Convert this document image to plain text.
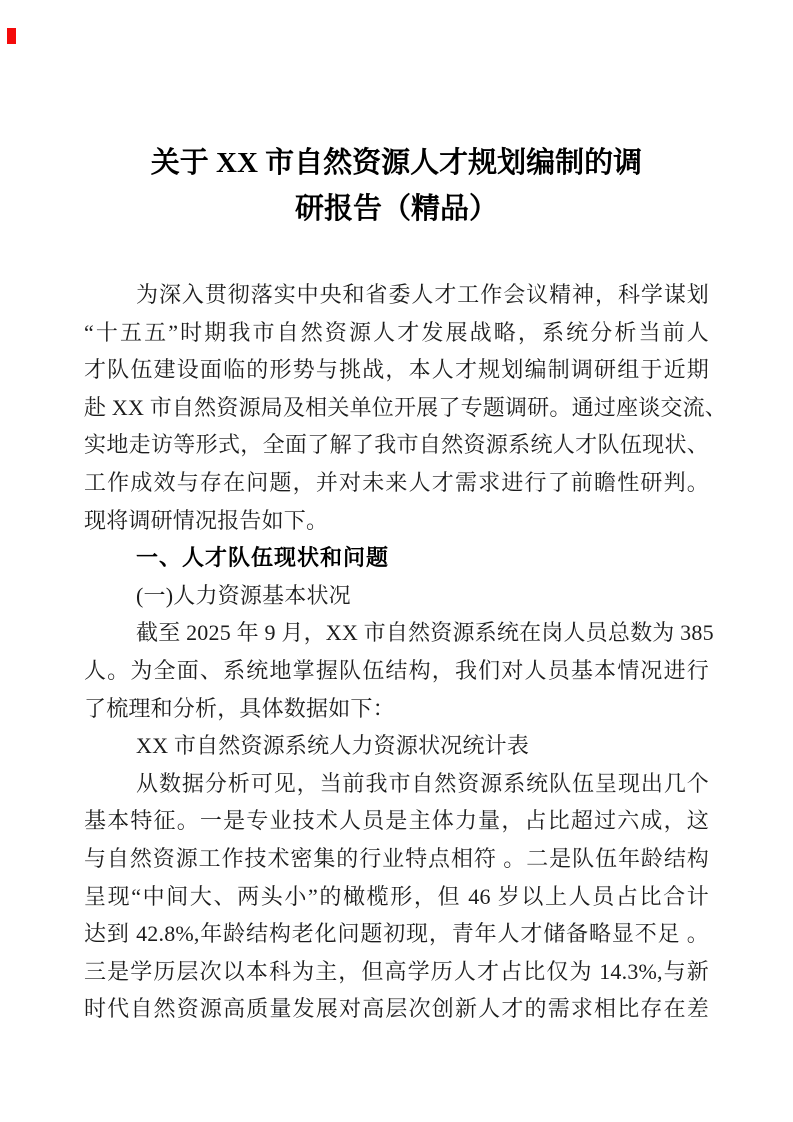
关于 XX 市自然资源人才规划编制的调
研报告（精品）
为深入贯彻落实中央和省委人才工作会议精神，科学谋划
“十五五”时期我市自然资源人才发展战略，系统分析当前人
才队伍建设面临的形势与挑战，本人才规划编制调研组于近期
赴 XX 市自然资源局及相关单位开展了专题调研。通过座谈交流、
实地走访等形式，全面了解了我市自然资源系统人才队伍现状、
工作成效与存在问题，并对未来人才需求进行了前瞻性研判。
现将调研情况报告如下。
一、人才队伍现状和问题
(一)人力资源基本状况
截至 2025 年 9 月，XX 市自然资源系统在岗人员总数为 385
人。为全面、系统地掌握队伍结构，我们对人员基本情况进行
了梳理和分析，具体数据如下：
XX 市自然资源系统人力资源状况统计表
从数据分析可见，当前我市自然资源系统队伍呈现出几个
基本特征。一是专业技术人员是主体力量，占比超过六成，这
与自然资源工作技术密集的行业特点相符 。二是队伍年龄结构
呈现“中间大、两头小”的橄榄形，但 46 岁以上人员占比合计
达到 42.8%,年龄结构老化问题初现，青年人才储备略显不足 。
三是学历层次以本科为主，但高学历人才占比仅为 14.3%,与新
时代自然资源高质量发展对高层次创新人才的需求相比存在差
